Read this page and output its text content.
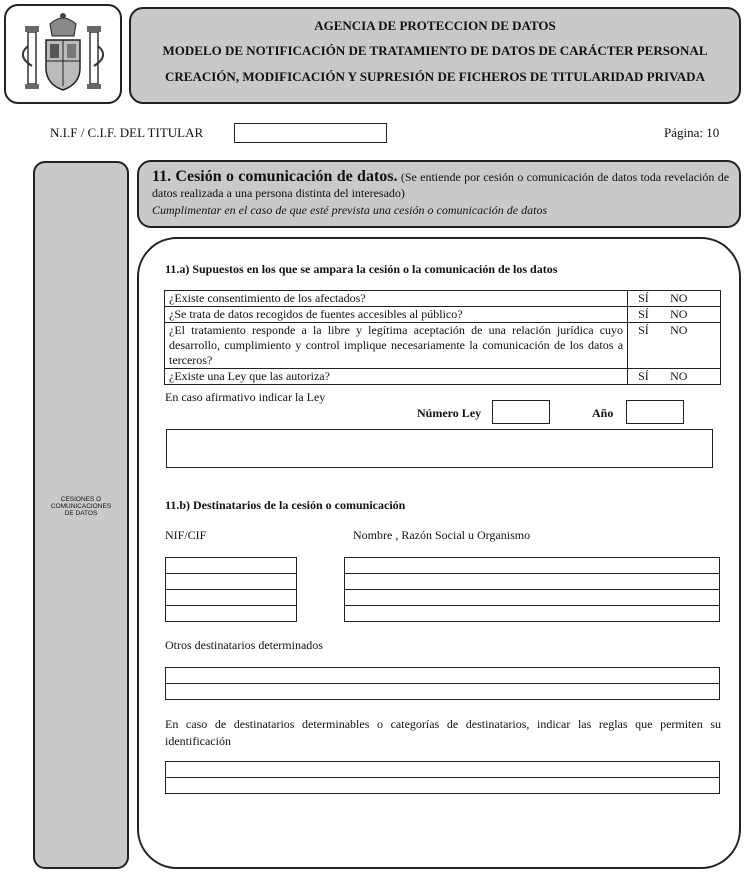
AGENCIA DE PROTECCION DE DATOS
MODELO DE NOTIFICACIÓN DE TRATAMIENTO DE DATOS DE CARÁCTER PERSONAL
CREACIÓN, MODIFICACIÓN Y SUPRESIÓN DE FICHEROS DE TITULARIDAD PRIVADA
N.I.F / C.I.F. DEL TITULAR	Página: 10
CESIONES O
COMUNICACIONES
DE DATOS
11. Cesión o comunicación de datos. (Se entiende por cesión o comunicación de datos toda revelación de datos realizada a una persona distinta del interesado)
Cumplimentar en el caso de que esté prevista una cesión o comunicación de datos
11.a) Supuestos en los que se ampara la cesión o la comunicación de los datos
¿Existe consentimiento de los afectados?	SÍ NO
¿Se trata de datos recogidos de fuentes accesibles al público?	SÍ NO
¿El tratamiento responde a la libre y legítima aceptación de una relación jurídica cuyo desarrollo, cumplimiento y control implique necesariamente la comunicación de los datos a terceros?	SÍ NO
¿Existe una Ley que las autoriza?	SÍ NO
En caso afirmativo indicar la Ley
Número Ley	Año
11.b) Destinatarios de la cesión o comunicación
NIF/CIF	Nombre , Razón Social u Organismo
Otros destinatarios determinados
En caso de destinatarios determinables o categorías de destinatarios, indicar las reglas que permiten su identificación
